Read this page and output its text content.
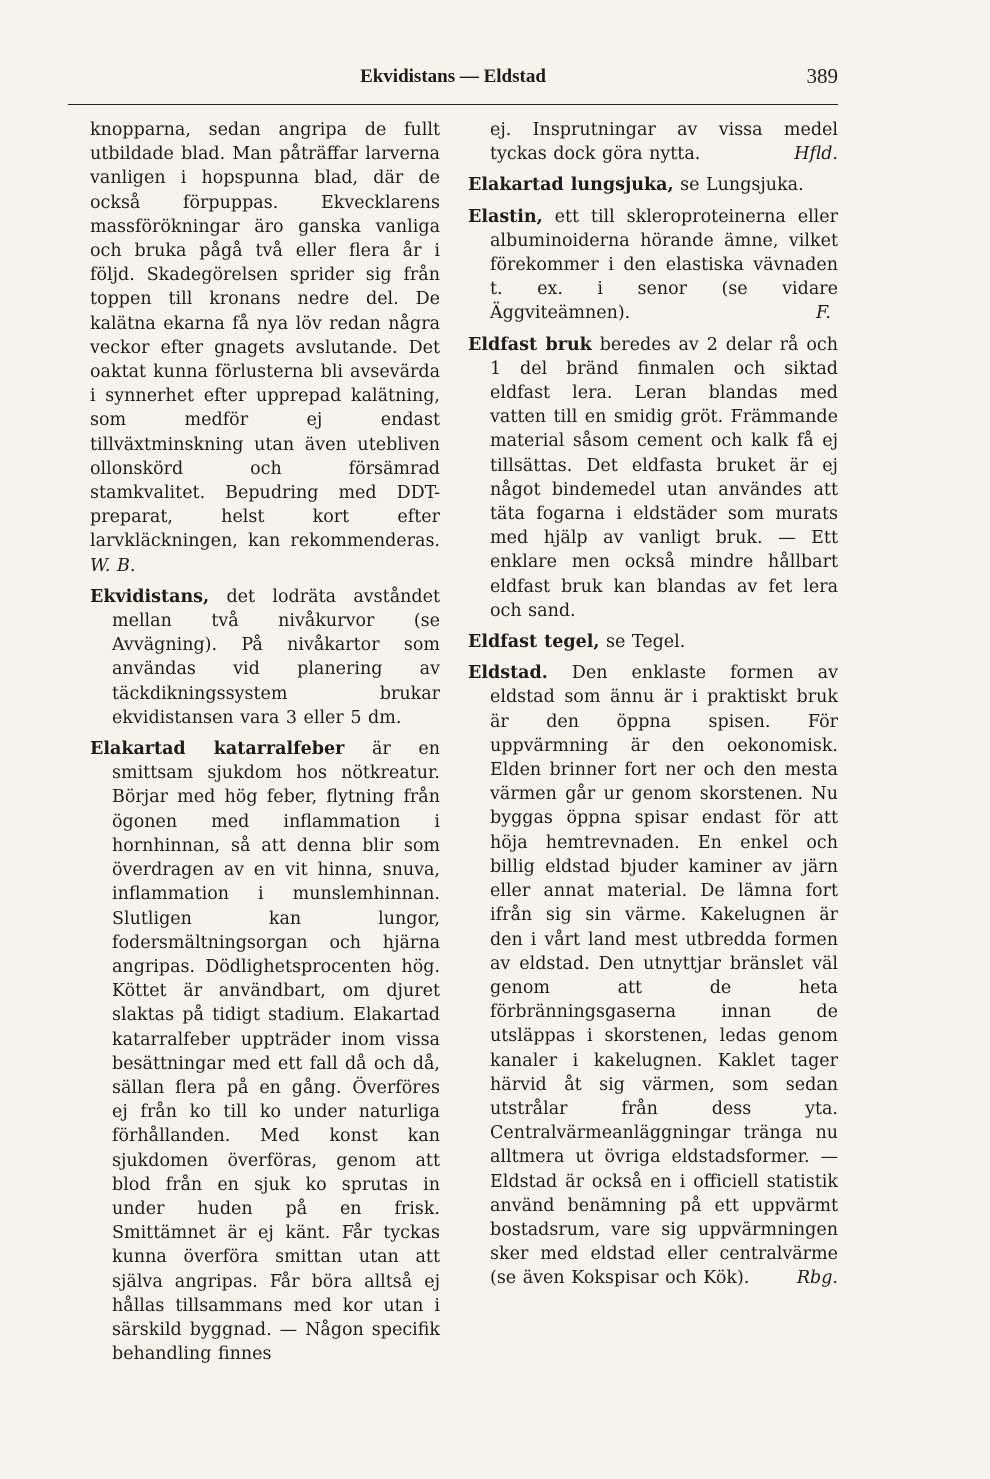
Ekvidistans — Eldstad	389

knopparna, sedan angripa de fullt utbildade blad. Man påträffar larverna vanligen i hopspunna blad, där de också förpuppas. Ekvecklarens massförökningar äro ganska vanliga och bruka pågå två eller flera år i följd. Skadegörelsen sprider sig från toppen till kronans nedre del. De kalätna ekarna få nya löv redan några veckor efter gnagets avslutande. Det oaktat kunna förlusterna bli avsevärda i synnerhet efter upprepad kalätning, som medför ej endast tillväxtminskning utan även utebliven ollonskörd och försämrad stamkvalitet. Bepudring med DDT-preparat, helst kort efter larvkläckningen, kan rekommenderas. W. B.

Ekvidistans, det lodräta avståndet mellan två nivåkurvor (se Avvägning). På nivåkartor som användas vid planering av täckdikningssystem brukar ekvidistansen vara 3 eller 5 dm.

Elakartad katarralfeber är en smittsam sjukdom hos nötkreatur. Börjar med hög feber, flytning från ögonen med inflammation i hornhinnan, så att denna blir som överdragen av en vit hinna, snuva, inflammation i munslemhinnan. Slutligen kan lungor, fodersmältningsorgan och hjärna angripas. Dödlighetsprocenten hög. Köttet är användbart, om djuret slaktas på tidigt stadium. Elakartad katarralfeber uppträder inom vissa besättningar med ett fall då och då, sällan flera på en gång. Överföres ej från ko till ko under naturliga förhållanden. Med konst kan sjukdomen överföras, genom att blod från en sjuk ko sprutas in under huden på en frisk. Smittämnet är ej känt. Får tyckas kunna överföra smittan utan att själva angripas. Får böra alltså ej hållas tillsammans med kor utan i särskild byggnad. — Någon specifik behandling finnes

ej. Insprutningar av vissa medel tyckas dock göra nytta.	Hfld.

Elakartad lungsjuka, se Lungsjuka.

Elastin, ett till skleroproteinerna eller albuminoiderna hörande ämne, vilket förekommer i den elastiska vävnaden t. ex. i senor (se vidare Äggviteämnen).	F.

Eldfast bruk beredes av 2 delar rå och 1 del bränd finmalen och siktad eldfast lera. Leran blandas med vatten till en smidig gröt. Främmande material såsom cement och kalk få ej tillsättas. Det eldfasta bruket är ej något bindemedel utan användes att täta fogarna i eldstäder som murats med hjälp av vanligt bruk. — Ett enklare men också mindre hållbart eldfast bruk kan blandas av fet lera och sand.

Eldfast tegel, se Tegel.

Eldstad. Den enklaste formen av eldstad som ännu är i praktiskt bruk är den öppna spisen. För uppvärmning är den oekonomisk. Elden brinner fort ner och den mesta värmen går ur genom skorstenen. Nu byggas öppna spisar endast för att höja hemtrevnaden. En enkel och billig eldstad bjuder kaminer av järn eller annat material. De lämna fort ifrån sig sin värme. Kakelugnen är den i vårt land mest utbredda formen av eldstad. Den utnyttjar bränslet väl genom att de heta förbränningsgaserna innan de utsläppas i skorstenen, ledas genom kanaler i kakelugnen. Kaklet tager härvid åt sig värmen, som sedan utstrålar från dess yta. Centralvärmeanläggningar tränga nu alltmera ut övriga eldstadsformer. — Eldstad är också en i officiell statistik använd benämning på ett uppvärmt bostadsrum, vare sig uppvärmningen sker med eldstad eller centralvärme (se även Kokspisar och Kök).	Rbg.
